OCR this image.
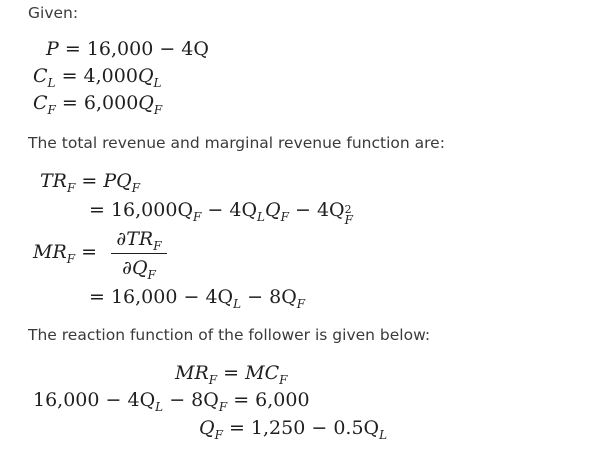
Given:
P = 16,000 − 4Q
$C_L = 4,000Q_L$
$C_F = 6,000Q_F$
The total revenue and marginal revenue function are:
$TR_F = PQ_F$
= $16,000Q_F - 4Q_LQ_F - 4Q$ 2
F
$MR_F$ =
$\partial TR_F$
$\partial Q_F$
= $16,000 - 4Q_L - 8Q_F$
The reaction function of the follower is given below:
$MR_F = MC_F$
$16,000 - 4Q_L - 8Q_F = 6,000$
$Q_F = 1,250 - 0.5Q_L$
